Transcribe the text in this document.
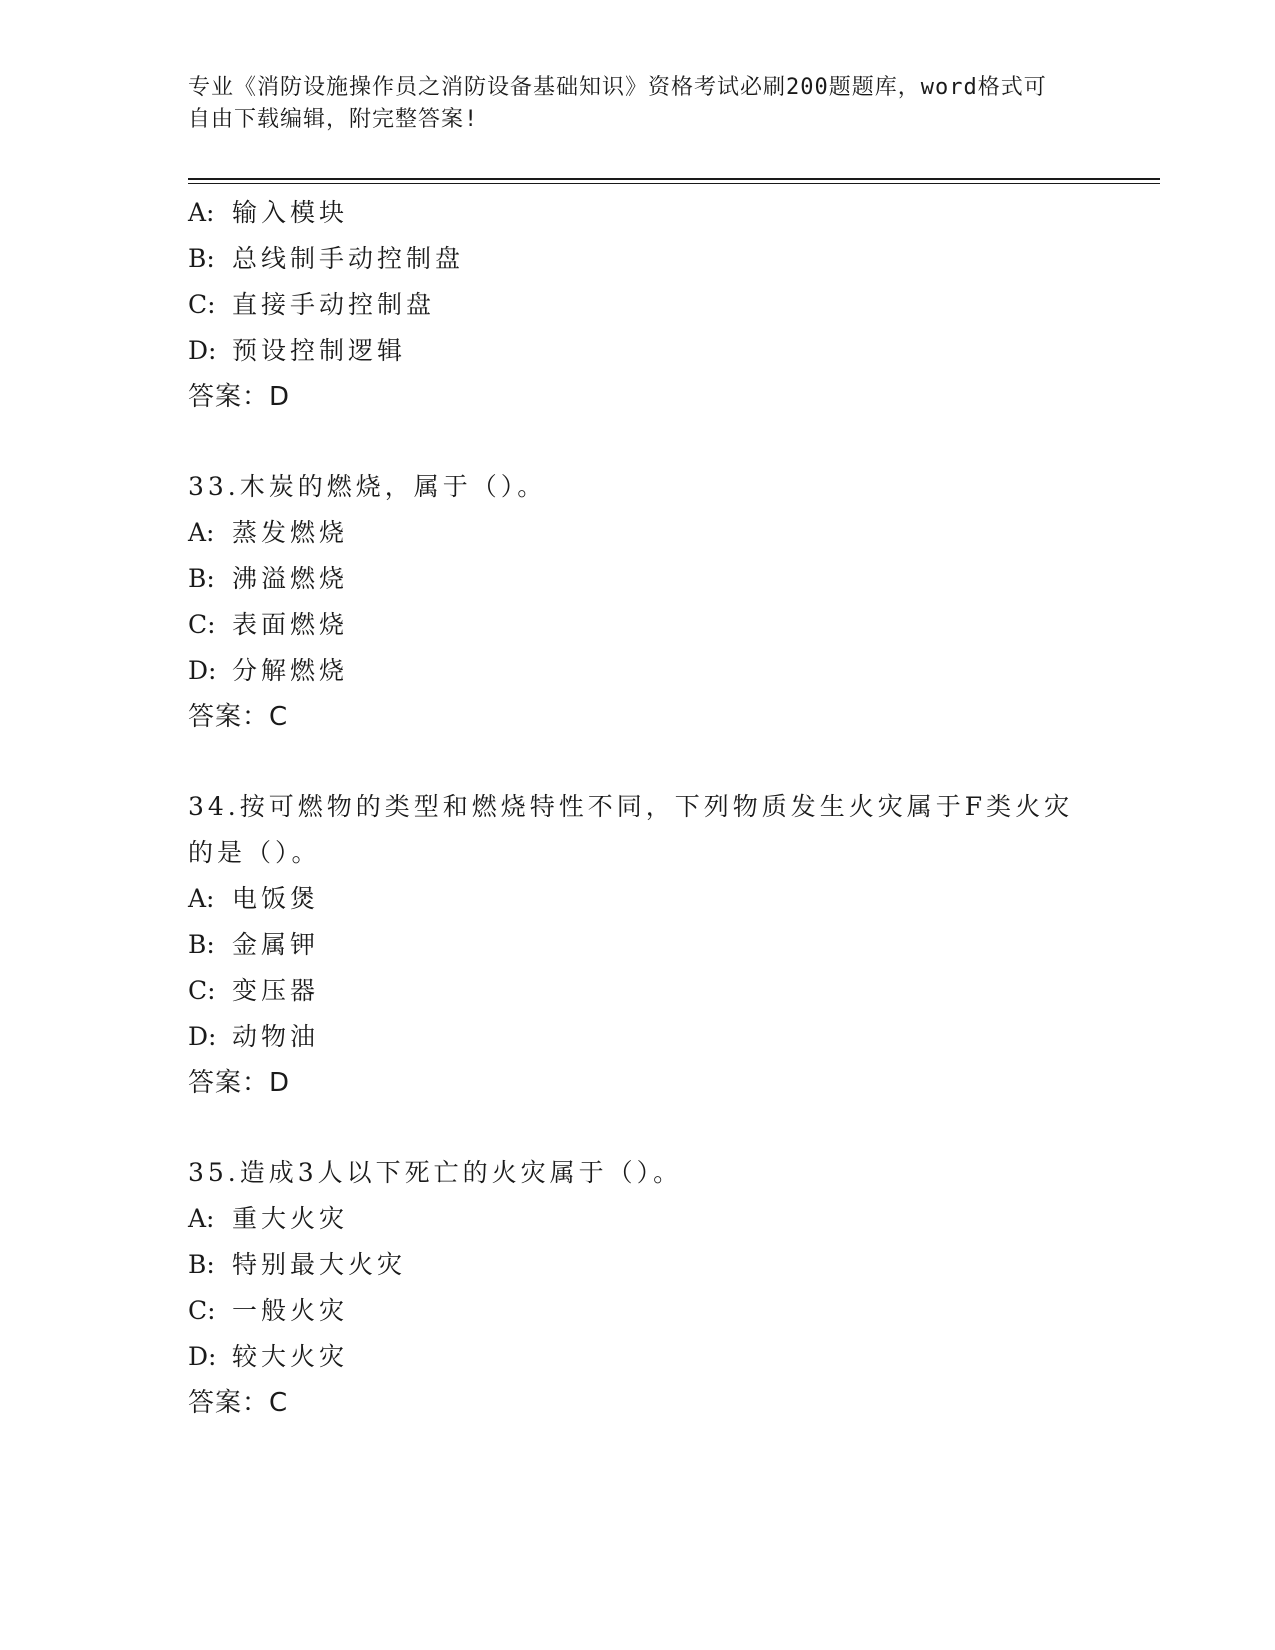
专业《消防设施操作员之消防设备基础知识》资格考试必刷200题题库，word格式可自由下载编辑，附完整答案!
A: 输入模块
B: 总线制手动控制盘
C: 直接手动控制盘
D: 预设控制逻辑
答案：D
33.木炭的燃烧，属于（）。
A: 蒸发燃烧
B: 沸溢燃烧
C: 表面燃烧
D: 分解燃烧
答案：C
34.按可燃物的类型和燃烧特性不同，下列物质发生火灾属于F类火灾的是（）。
A: 电饭煲
B: 金属钾
C: 变压器
D: 动物油
答案：D
35.造成3人以下死亡的火灾属于（）。
A: 重大火灾
B: 特别最大火灾
C: 一般火灾
D: 较大火灾
答案：C
